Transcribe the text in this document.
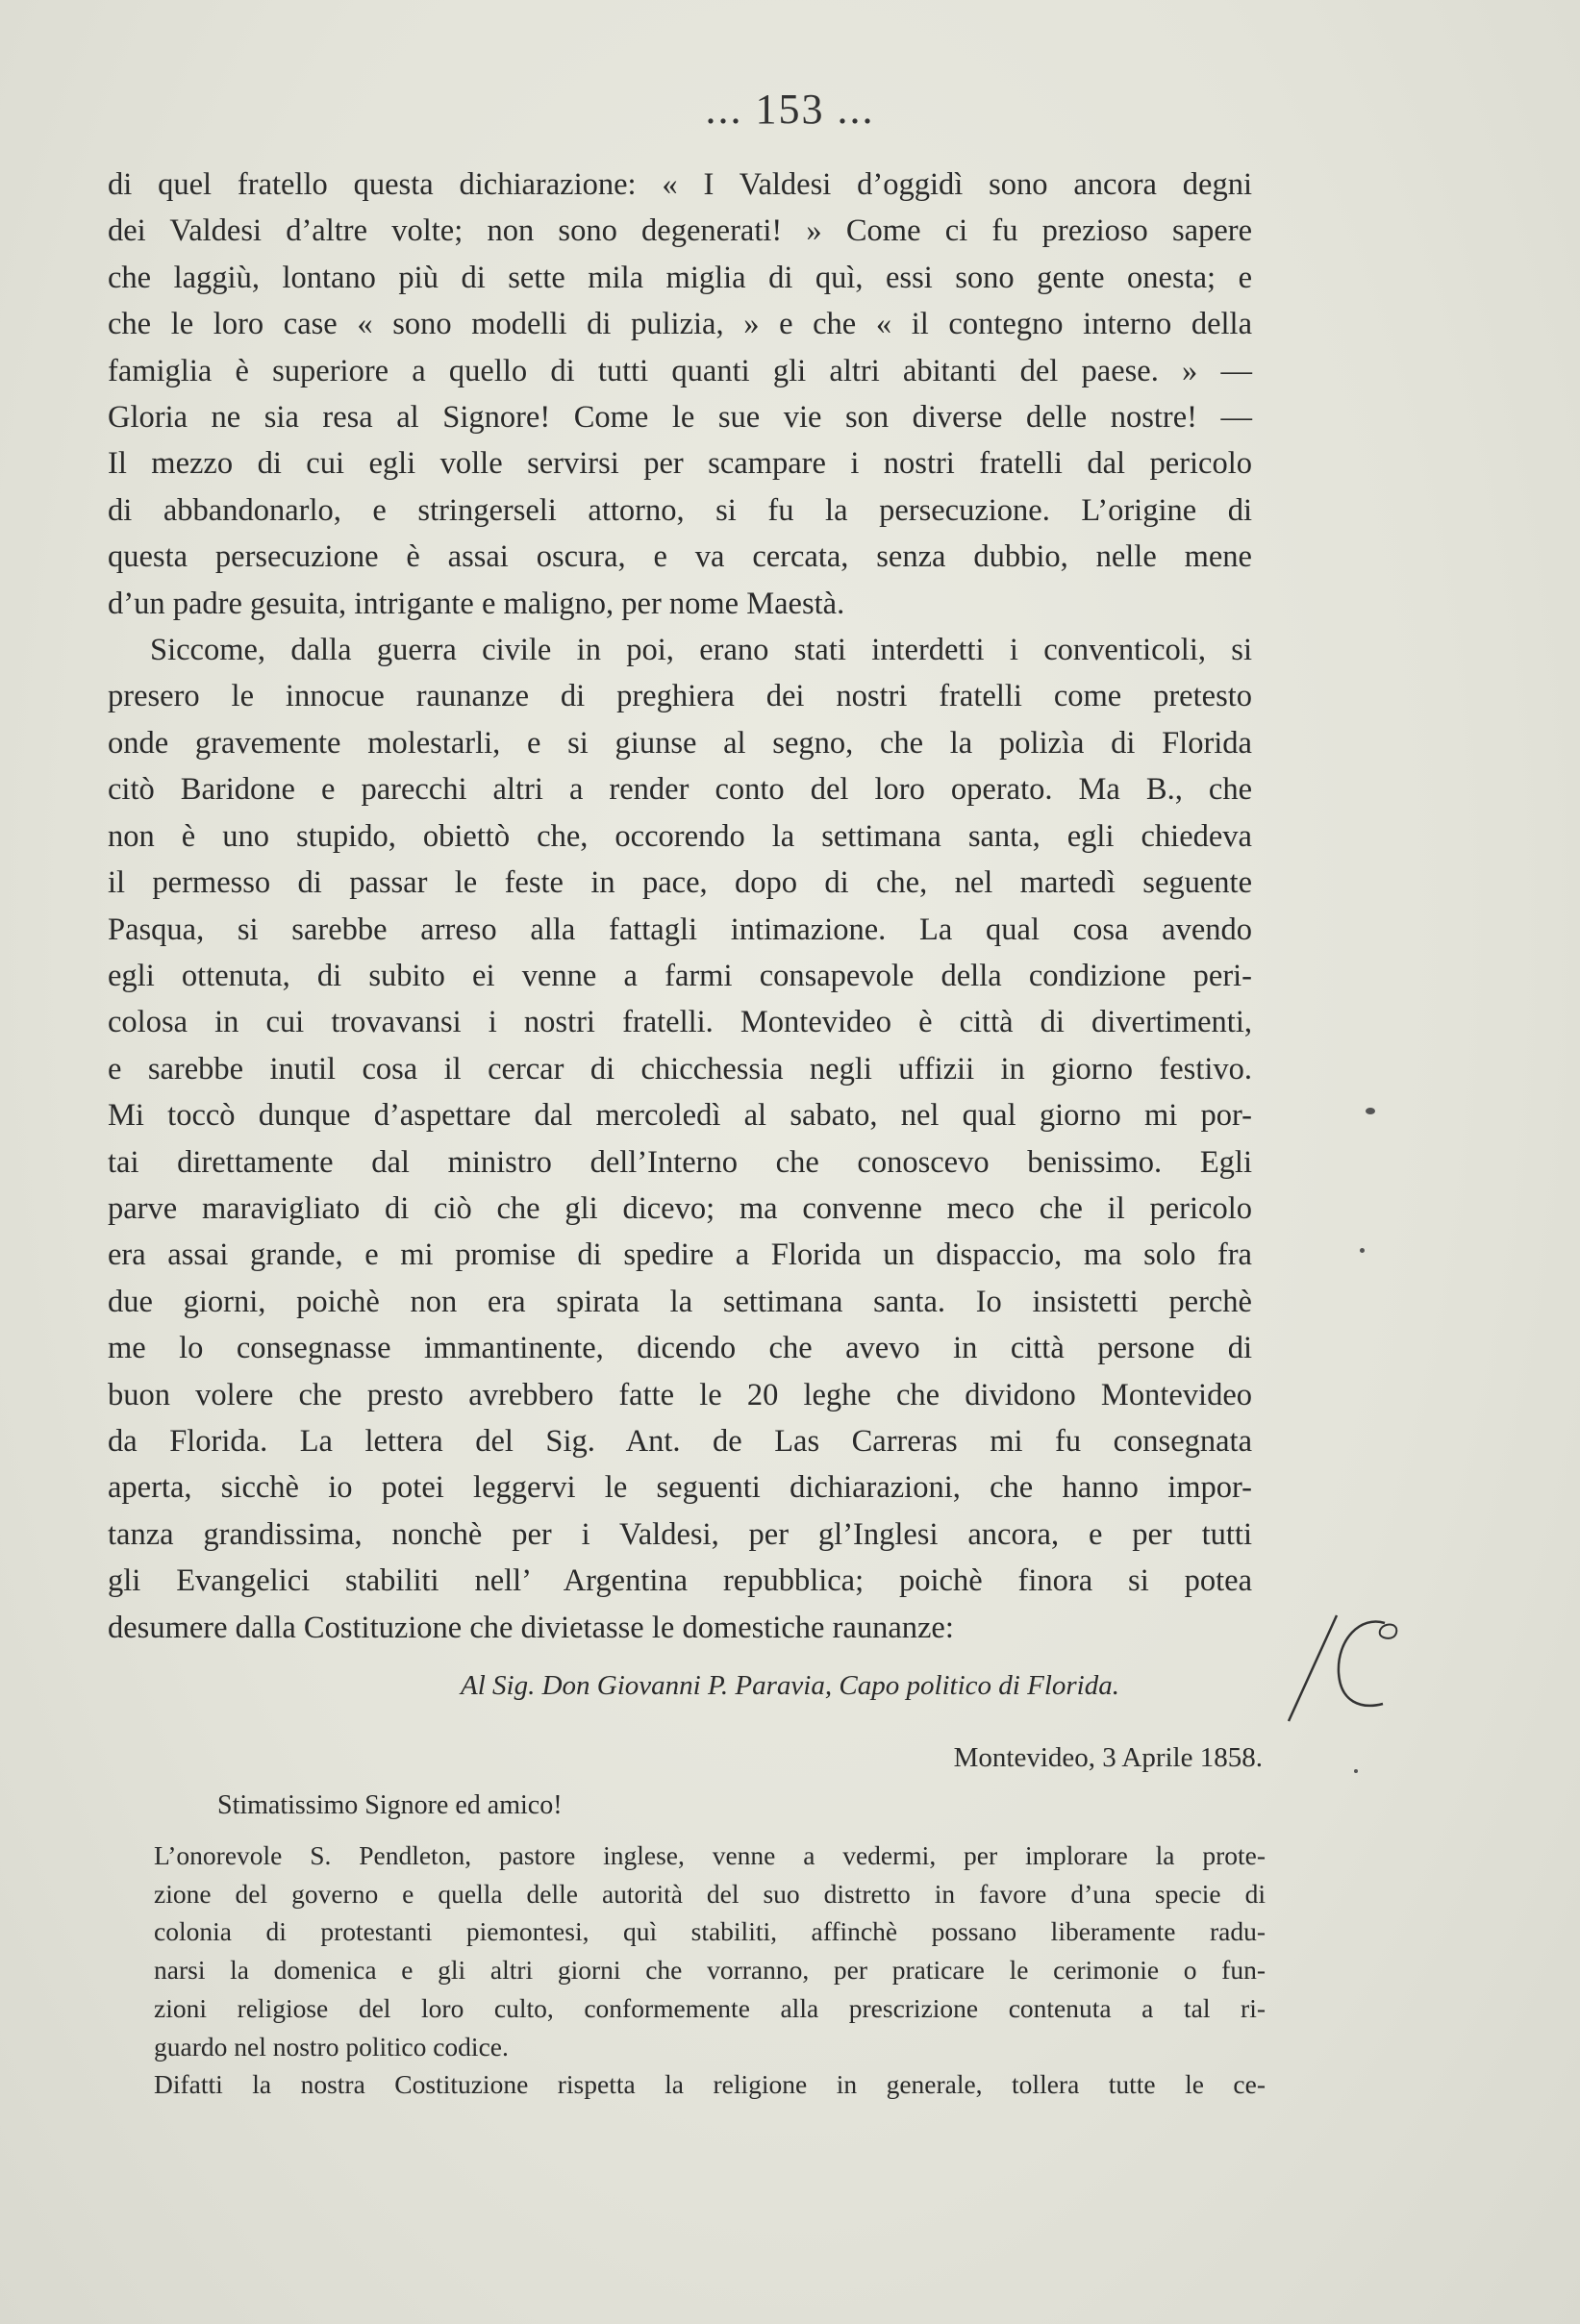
... 153 ...

di quel fratello questa dichiarazione: « I Valdesi d’oggidì sono ancora degni
dei Valdesi d’altre volte; non sono degenerati! » Come ci fu prezioso sapere
che laggiù, lontano più di sette mila miglia di quì, essi sono gente onesta; e
che le loro case « sono modelli di pulizia, » e che « il contegno interno della
famiglia è superiore a quello di tutti quanti gli altri abitanti del paese. » —
Gloria ne sia resa al Signore! Come le sue vie son diverse delle nostre! —
Il mezzo di cui egli volle servirsi per scampare i nostri fratelli dal pericolo
di abbandonarlo, e stringerseli attorno, si fu la persecuzione. L’origine di
questa persecuzione è assai oscura, e va cercata, senza dubbio, nelle mene
d’un padre gesuita, intrigante e maligno, per nome Maestà.

Siccome, dalla guerra civile in poi, erano stati interdetti i conventicoli, si
presero le innocue raunanze di preghiera dei nostri fratelli come pretesto
onde gravemente molestarli, e si giunse al segno, che la polizìa di Florida
citò Baridone e parecchi altri a render conto del loro operato. Ma B., che
non è uno stupido, obiettò che, occorendo la settimana santa, egli chiedeva
il permesso di passar le feste in pace, dopo di che, nel martedì seguente
Pasqua, si sarebbe arreso alla fattagli intimazione. La qual cosa avendo
egli ottenuta, di subito ei venne a farmi consapevole della condizione peri-
colosa in cui trovavansi i nostri fratelli. Montevideo è città di divertimenti,
e sarebbe inutil cosa il cercar di chicchessia negli uffizii in giorno festivo.
Mi toccò dunque d’aspettare dal mercoledì al sabato, nel qual giorno mi por-
tai direttamente dal ministro dell’Interno che conoscevo benissimo. Egli
parve maravigliato di ciò che gli dicevo; ma convenne meco che il pericolo
era assai grande, e mi promise di spedire a Florida un dispaccio, ma solo fra
due giorni, poichè non era spirata la settimana santa. Io insistetti perchè
me lo consegnasse immantinente, dicendo che avevo in città persone di
buon volere che presto avrebbero fatte le 20 leghe che dividono Montevideo
da Florida. La lettera del Sig. Ant. de Las Carreras mi fu consegnata
aperta, sicchè io potei leggervi le seguenti dichiarazioni, che hanno impor-
tanza grandissima, nonchè per i Valdesi, per gl’Inglesi ancora, e per tutti
gli Evangelici stabiliti nell’ Argentina repubblica; poichè finora si potea
desumere dalla Costituzione che divietasse le domestiche raunanze:

Al Sig. Don Giovanni P. Paravia, Capo politico di Florida.
Montevideo, 3 Aprile 1858.
Stimatissimo Signore ed amico!
L’onorevole S. Pendleton, pastore inglese, venne a vedermi, per implorare la prote-
zione del governo e quella delle autorità del suo distretto in favore d’una specie di
colonia di protestanti piemontesi, quì stabiliti, affinchè possano liberamente radu-
narsi la domenica e gli altri giorni che vorranno, per praticare le cerimonie o fun-
zioni religiose del loro culto, conformemente alla prescrizione contenuta a tal ri-
guardo nel nostro politico codice.
Difatti la nostra Costituzione rispetta la religione in generale, tollera tutte le ce-
